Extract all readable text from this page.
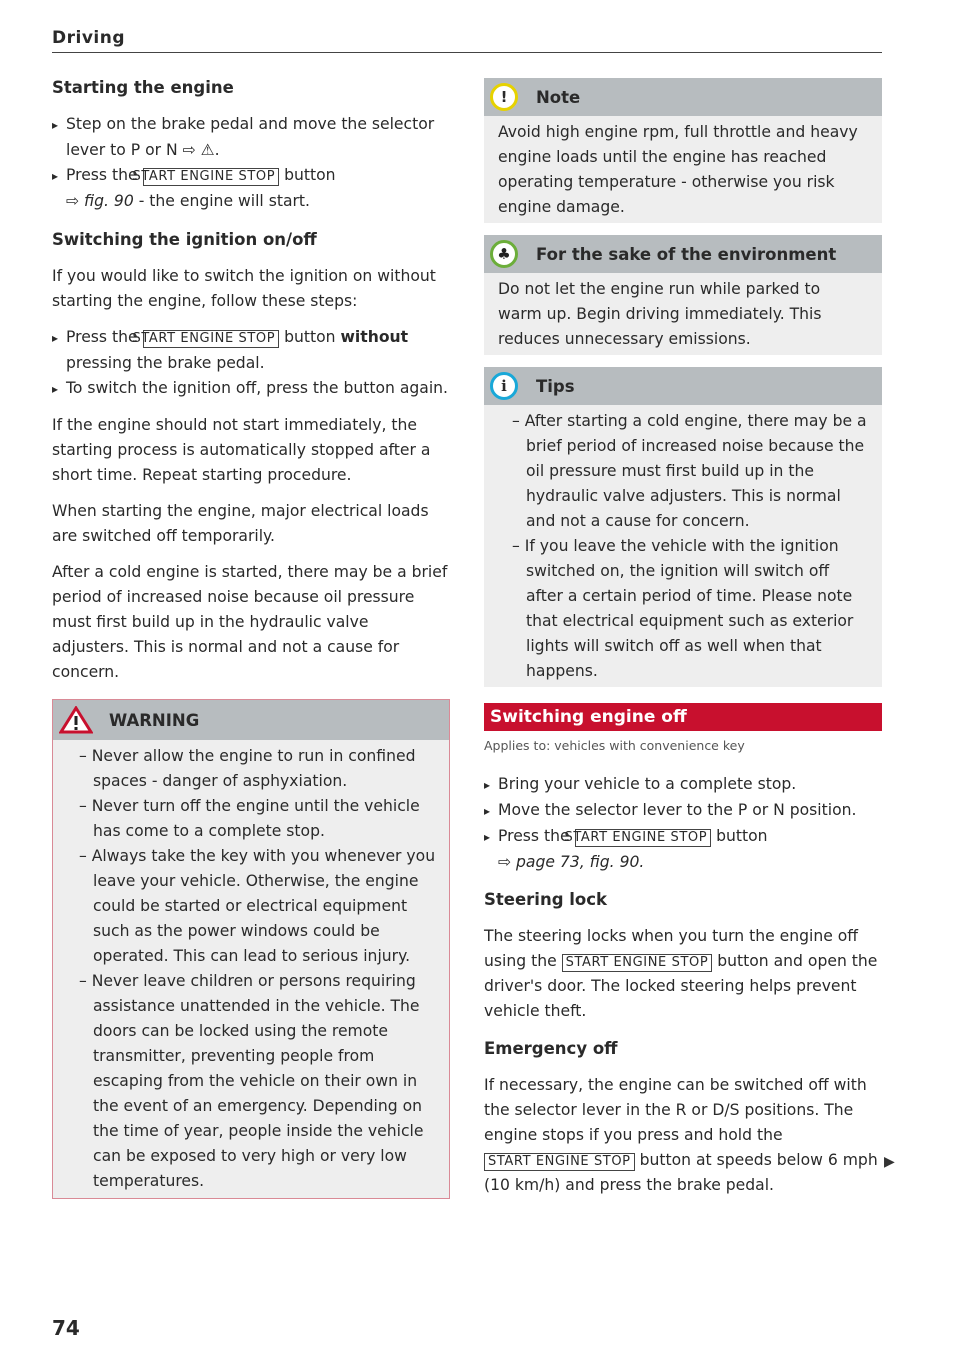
Driving
Starting the engine
▸ Step on the brake pedal and move the selector lever to P or N ⇨ ⚠.
▸ Press the START ENGINE STOP button
⇨ fig. 90 - the engine will start.
Switching the ignition on/off

If you would like to switch the ignition on without starting the engine, follow these steps:

▸ Press the START ENGINE STOP button without pressing the brake pedal.
▸ To switch the ignition off, press the button again.

If the engine should not start immediately, the starting process is automatically stopped after a short time. Repeat starting procedure.

When starting the engine, major electrical loads are switched off temporarily.

After a cold engine is started, there may be a brief period of increased noise because oil pressure must first build up in the hydraulic valve adjusters. This is normal and not a cause for concern.

WARNING
– Never allow the engine to run in confined spaces - danger of asphyxiation.
– Never turn off the engine until the vehicle has come to a complete stop.
– Always take the key with you whenever you leave your vehicle. Otherwise, the engine could be started or electrical equipment such as the power windows could be operated. This can lead to serious injury.
– Never leave children or persons requiring assistance unattended in the vehicle. The doors can be locked using the remote transmitter, preventing people from escaping from the vehicle on their own in the event of an emergency. Depending on the time of year, people inside the vehicle can be exposed to very high or very low temperatures.
!	Note
Avoid high engine rpm, full throttle and heavy engine loads until the engine has reached operating temperature - otherwise you risk engine damage.
♣	For the sake of the environment
Do not let the engine run while parked to warm up. Begin driving immediately. This reduces unnecessary emissions.
i	Tips
– After starting a cold engine, there may be a brief period of increased noise because the oil pressure must first build up in the hydraulic valve adjusters. This is normal and not a cause for concern.
– If you leave the vehicle with the ignition switched on, the ignition will switch off after a certain period of time. Please note that electrical equipment such as exterior lights will switch off as well when that happens.
Switching engine off
Applies to: vehicles with convenience key
▸ Bring your vehicle to a complete stop.
▸ Move the selector lever to the P or N position.
▸ Press the START ENGINE STOP button
⇨ page 73, fig. 90.
Steering lock

The steering locks when you turn the engine off using the START ENGINE STOP button and open the driver's door. The locked steering helps prevent vehicle theft.

Emergency off

If necessary, the engine can be switched off with the selector lever in the R or D/S positions. The engine stops if you press and hold the START ENGINE STOP button at speeds below 6 mph (10 km/h) and press the brake pedal.

▶
74
